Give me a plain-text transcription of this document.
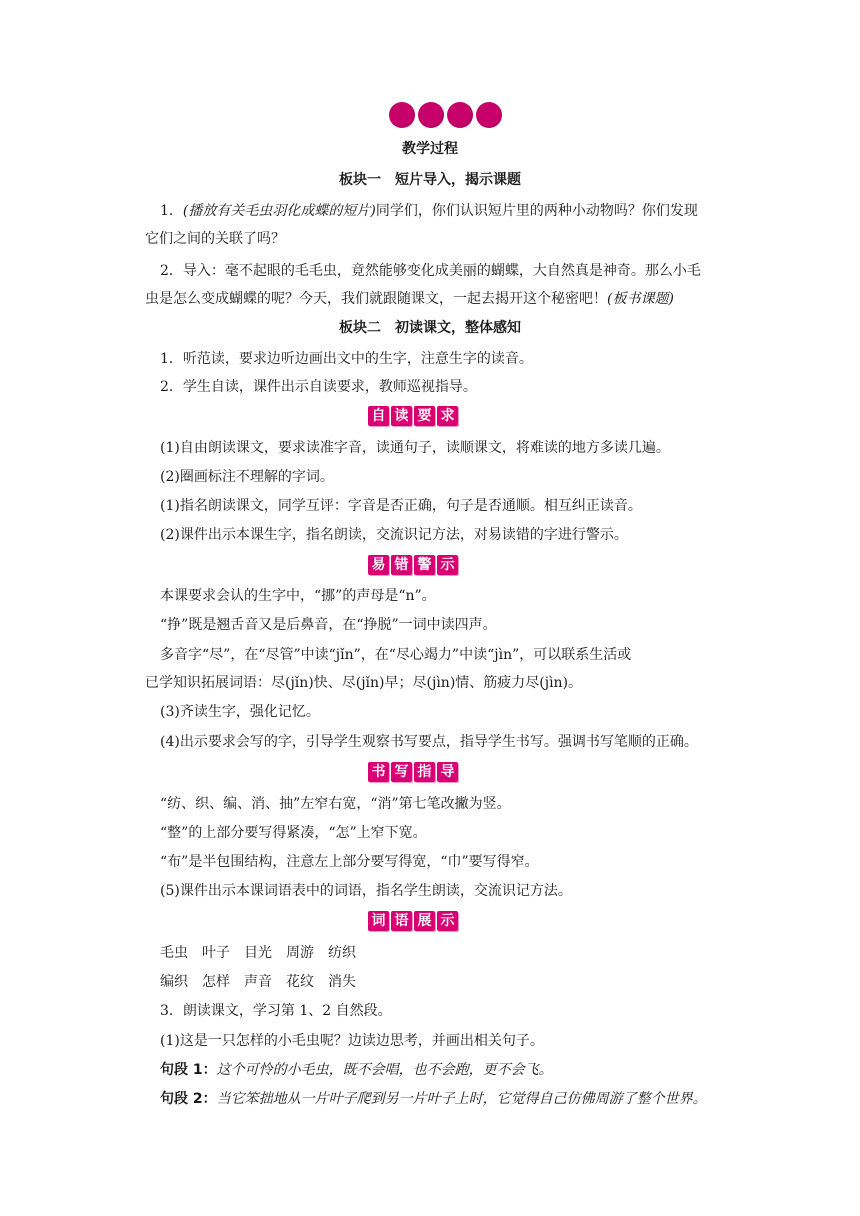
教学过程
板块一　短片导入，揭示课题
1．(播放有关毛虫羽化成蝶的短片)同学们，你们认识短片里的两种小动物吗？你们发现
它们之间的关联了吗？
2．导入：毫不起眼的毛毛虫，竟然能够变化成美丽的蝴蝶，大自然真是神奇。那么小毛
虫是怎么变成蝴蝶的呢？今天，我们就跟随课文，一起去揭开这个秘密吧！(板书课题)
板块二　初读课文，整体感知
1．听范读，要求边听边画出文中的生字，注意生字的读音。
2．学生自读，课件出示自读要求，教师巡视指导。
自 读 要 求
(1)自由朗读课文，要求读准字音，读通句子，读顺课文，将难读的地方多读几遍。
(2)圈画标注不理解的字词。
(1)指名朗读课文，同学互评：字音是否正确，句子是否通顺。相互纠正读音。
(2)课件出示本课生字，指名朗读，交流识记方法，对易读错的字进行警示。
易 错 警 示
本课要求会认的生字中，“挪”的声母是“n”。
“挣”既是翘舌音又是后鼻音，在“挣脱”一词中读四声。
多音字“尽”，在“尽管”中读“jǐn”，在“尽心竭力”中读“jìn”，可以联系生活或
已学知识拓展词语：尽(jǐn)快、尽(jǐn)早；尽(jìn)情、筋疲力尽(jìn)。
(3)齐读生字，强化记忆。
(4)出示要求会写的字，引导学生观察书写要点，指导学生书写。强调书写笔顺的正确。
书 写 指 导
“纺、织、编、消、抽”左窄右宽，“消”第七笔改撇为竖。
“整”的上部分要写得紧凑，“怎”上窄下宽。
“布”是半包围结构，注意左上部分要写得宽，“巾”要写得窄。
(5)课件出示本课词语表中的词语，指名学生朗读，交流识记方法。
词 语 展 示
毛虫　叶子　目光　周游　纺织
编织　怎样　声音　花纹　消失
3．朗读课文，学习第 1、2 自然段。
(1)这是一只怎样的小毛虫呢？边读边思考，并画出相关句子。
句段 1：这个可怜的小毛虫，既不会唱，也不会跑，更不会飞。
句段 2：当它笨拙地从一片叶子爬到另一片叶子上时，它觉得自己仿佛周游了整个世界。
